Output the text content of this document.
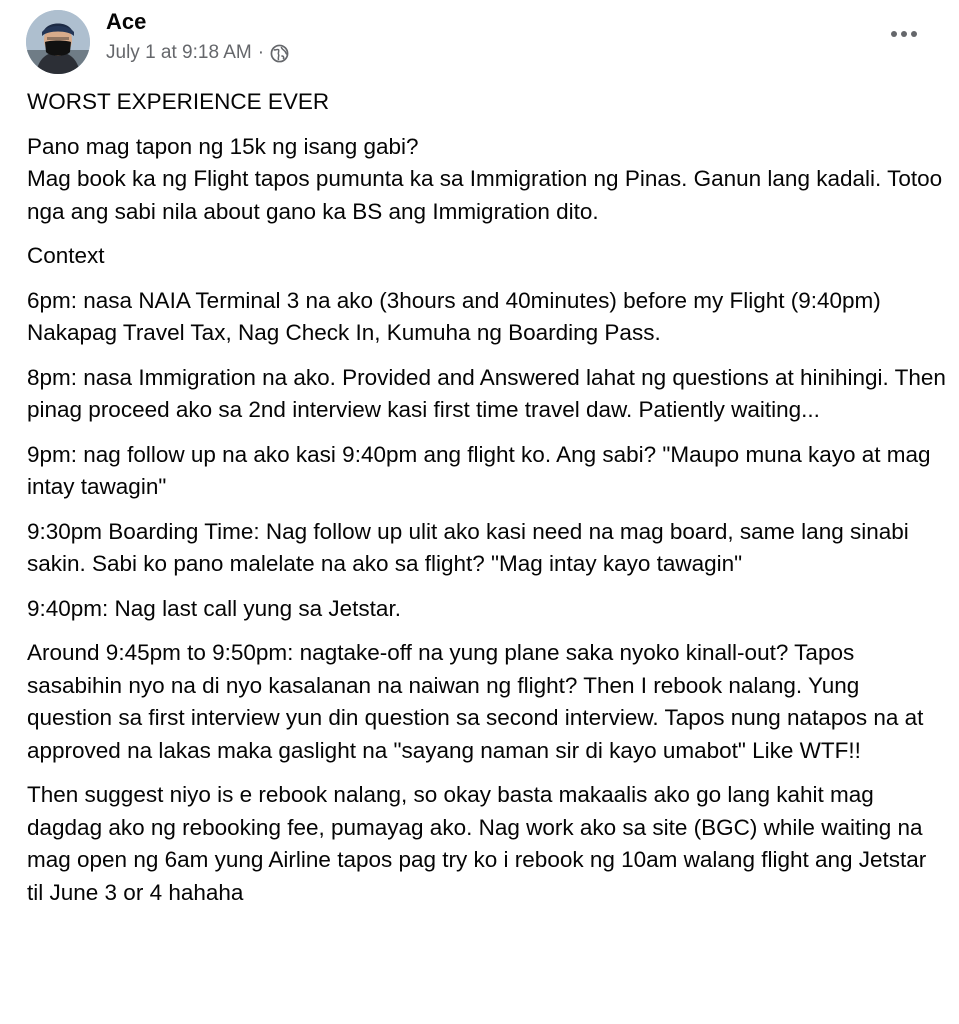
Ace
July 1 at 9:18 AM ·

WORST EXPERIENCE EVER

Pano mag tapon ng 15k ng isang gabi?
Mag book ka ng Flight tapos pumunta ka sa Immigration ng Pinas. Ganun lang kadali. Totoo nga ang sabi nila about gano ka BS ang Immigration dito.

Context

6pm: nasa NAIA Terminal 3 na ako (3hours and 40minutes) before my Flight (9:40pm)
Nakapag Travel Tax, Nag Check In, Kumuha ng Boarding Pass.

8pm: nasa Immigration na ako. Provided and Answered lahat ng questions at hinihingi. Then pinag proceed ako sa 2nd interview kasi first time travel daw. Patiently waiting...

9pm: nag follow up na ako kasi 9:40pm ang flight ko. Ang sabi? "Maupo muna kayo at mag intay tawagin"

9:30pm Boarding Time: Nag follow up ulit ako kasi need na mag board, same lang sinabi sakin. Sabi ko pano malelate na ako sa flight? "Mag intay kayo tawagin"

9:40pm: Nag last call yung sa Jetstar.

Around 9:45pm to 9:50pm: nagtake-off na yung plane saka nyoko kinall-out? Tapos sasabihin nyo na di nyo kasalanan na naiwan ng flight? Then I rebook nalang. Yung question sa first interview yun din question sa second interview. Tapos nung natapos na at approved na lakas maka gaslight na "sayang naman sir di kayo umabot" Like WTF!!

Then suggest niyo is e rebook nalang, so okay basta makaalis ako go lang kahit mag dagdag ako ng rebooking fee, pumayag ako. Nag work ako sa site (BGC) while waiting na mag open ng 6am yung Airline tapos pag try ko i rebook ng 10am walang flight ang Jetstar til June 3 or 4 hahaha
